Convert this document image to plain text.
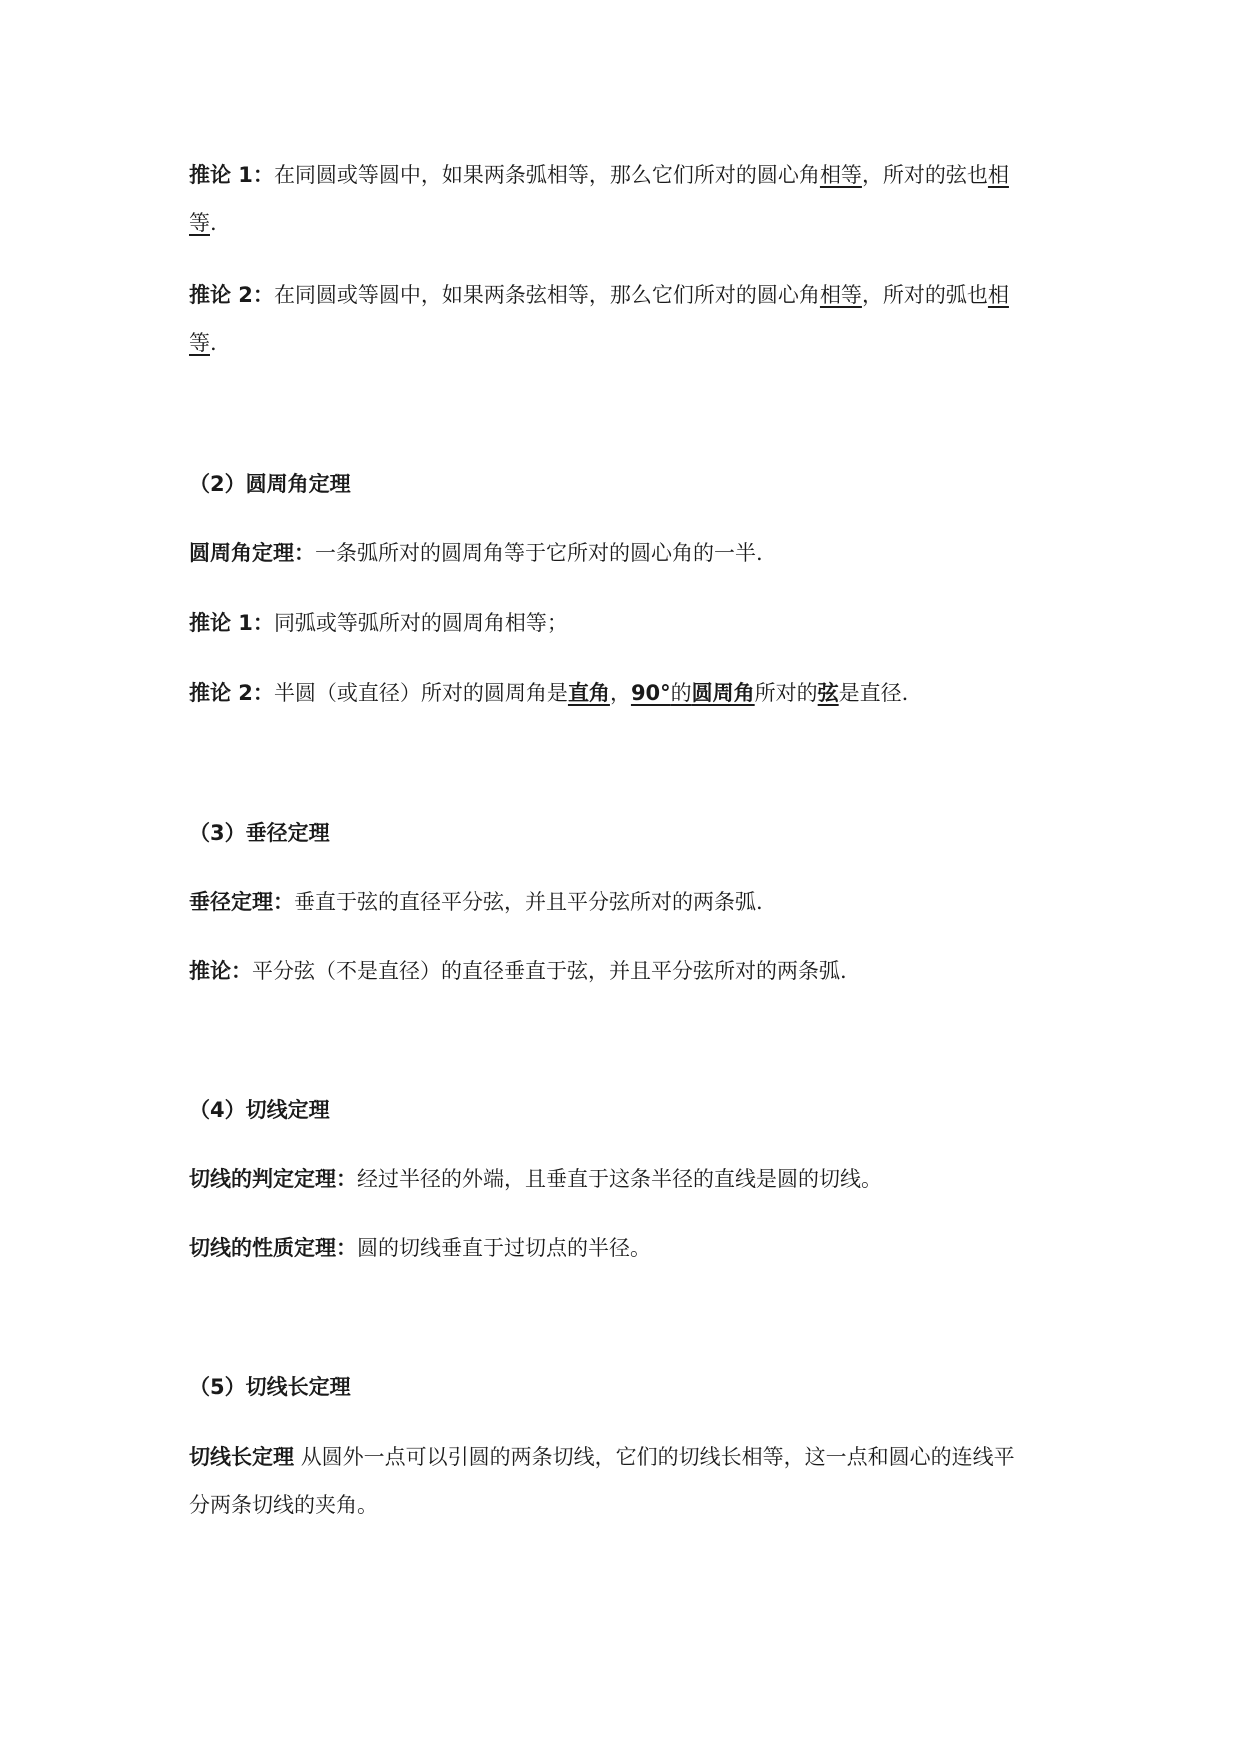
推论 1：在同圆或等圆中，如果两条弧相等，那么它们所对的圆心角相等，所对的弦也相
等.
推论 2：在同圆或等圆中，如果两条弦相等，那么它们所对的圆心角相等，所对的弧也相
等.
（2）圆周角定理
圆周角定理：一条弧所对的圆周角等于它所对的圆心角的一半.
推论 1：同弧或等弧所对的圆周角相等；
推论 2：半圆（或直径）所对的圆周角是直角，90°的圆周角所对的弦是直径.
（3）垂径定理
垂径定理：垂直于弦的直径平分弦，并且平分弦所对的两条弧.
推论：平分弦（不是直径）的直径垂直于弦，并且平分弦所对的两条弧.
（4）切线定理
切线的判定定理：经过半径的外端，且垂直于这条半径的直线是圆的切线。
切线的性质定理：圆的切线垂直于过切点的半径。
（5）切线长定理
切线长定理 从圆外一点可以引圆的两条切线，它们的切线长相等，这一点和圆心的连线平
分两条切线的夹角。
